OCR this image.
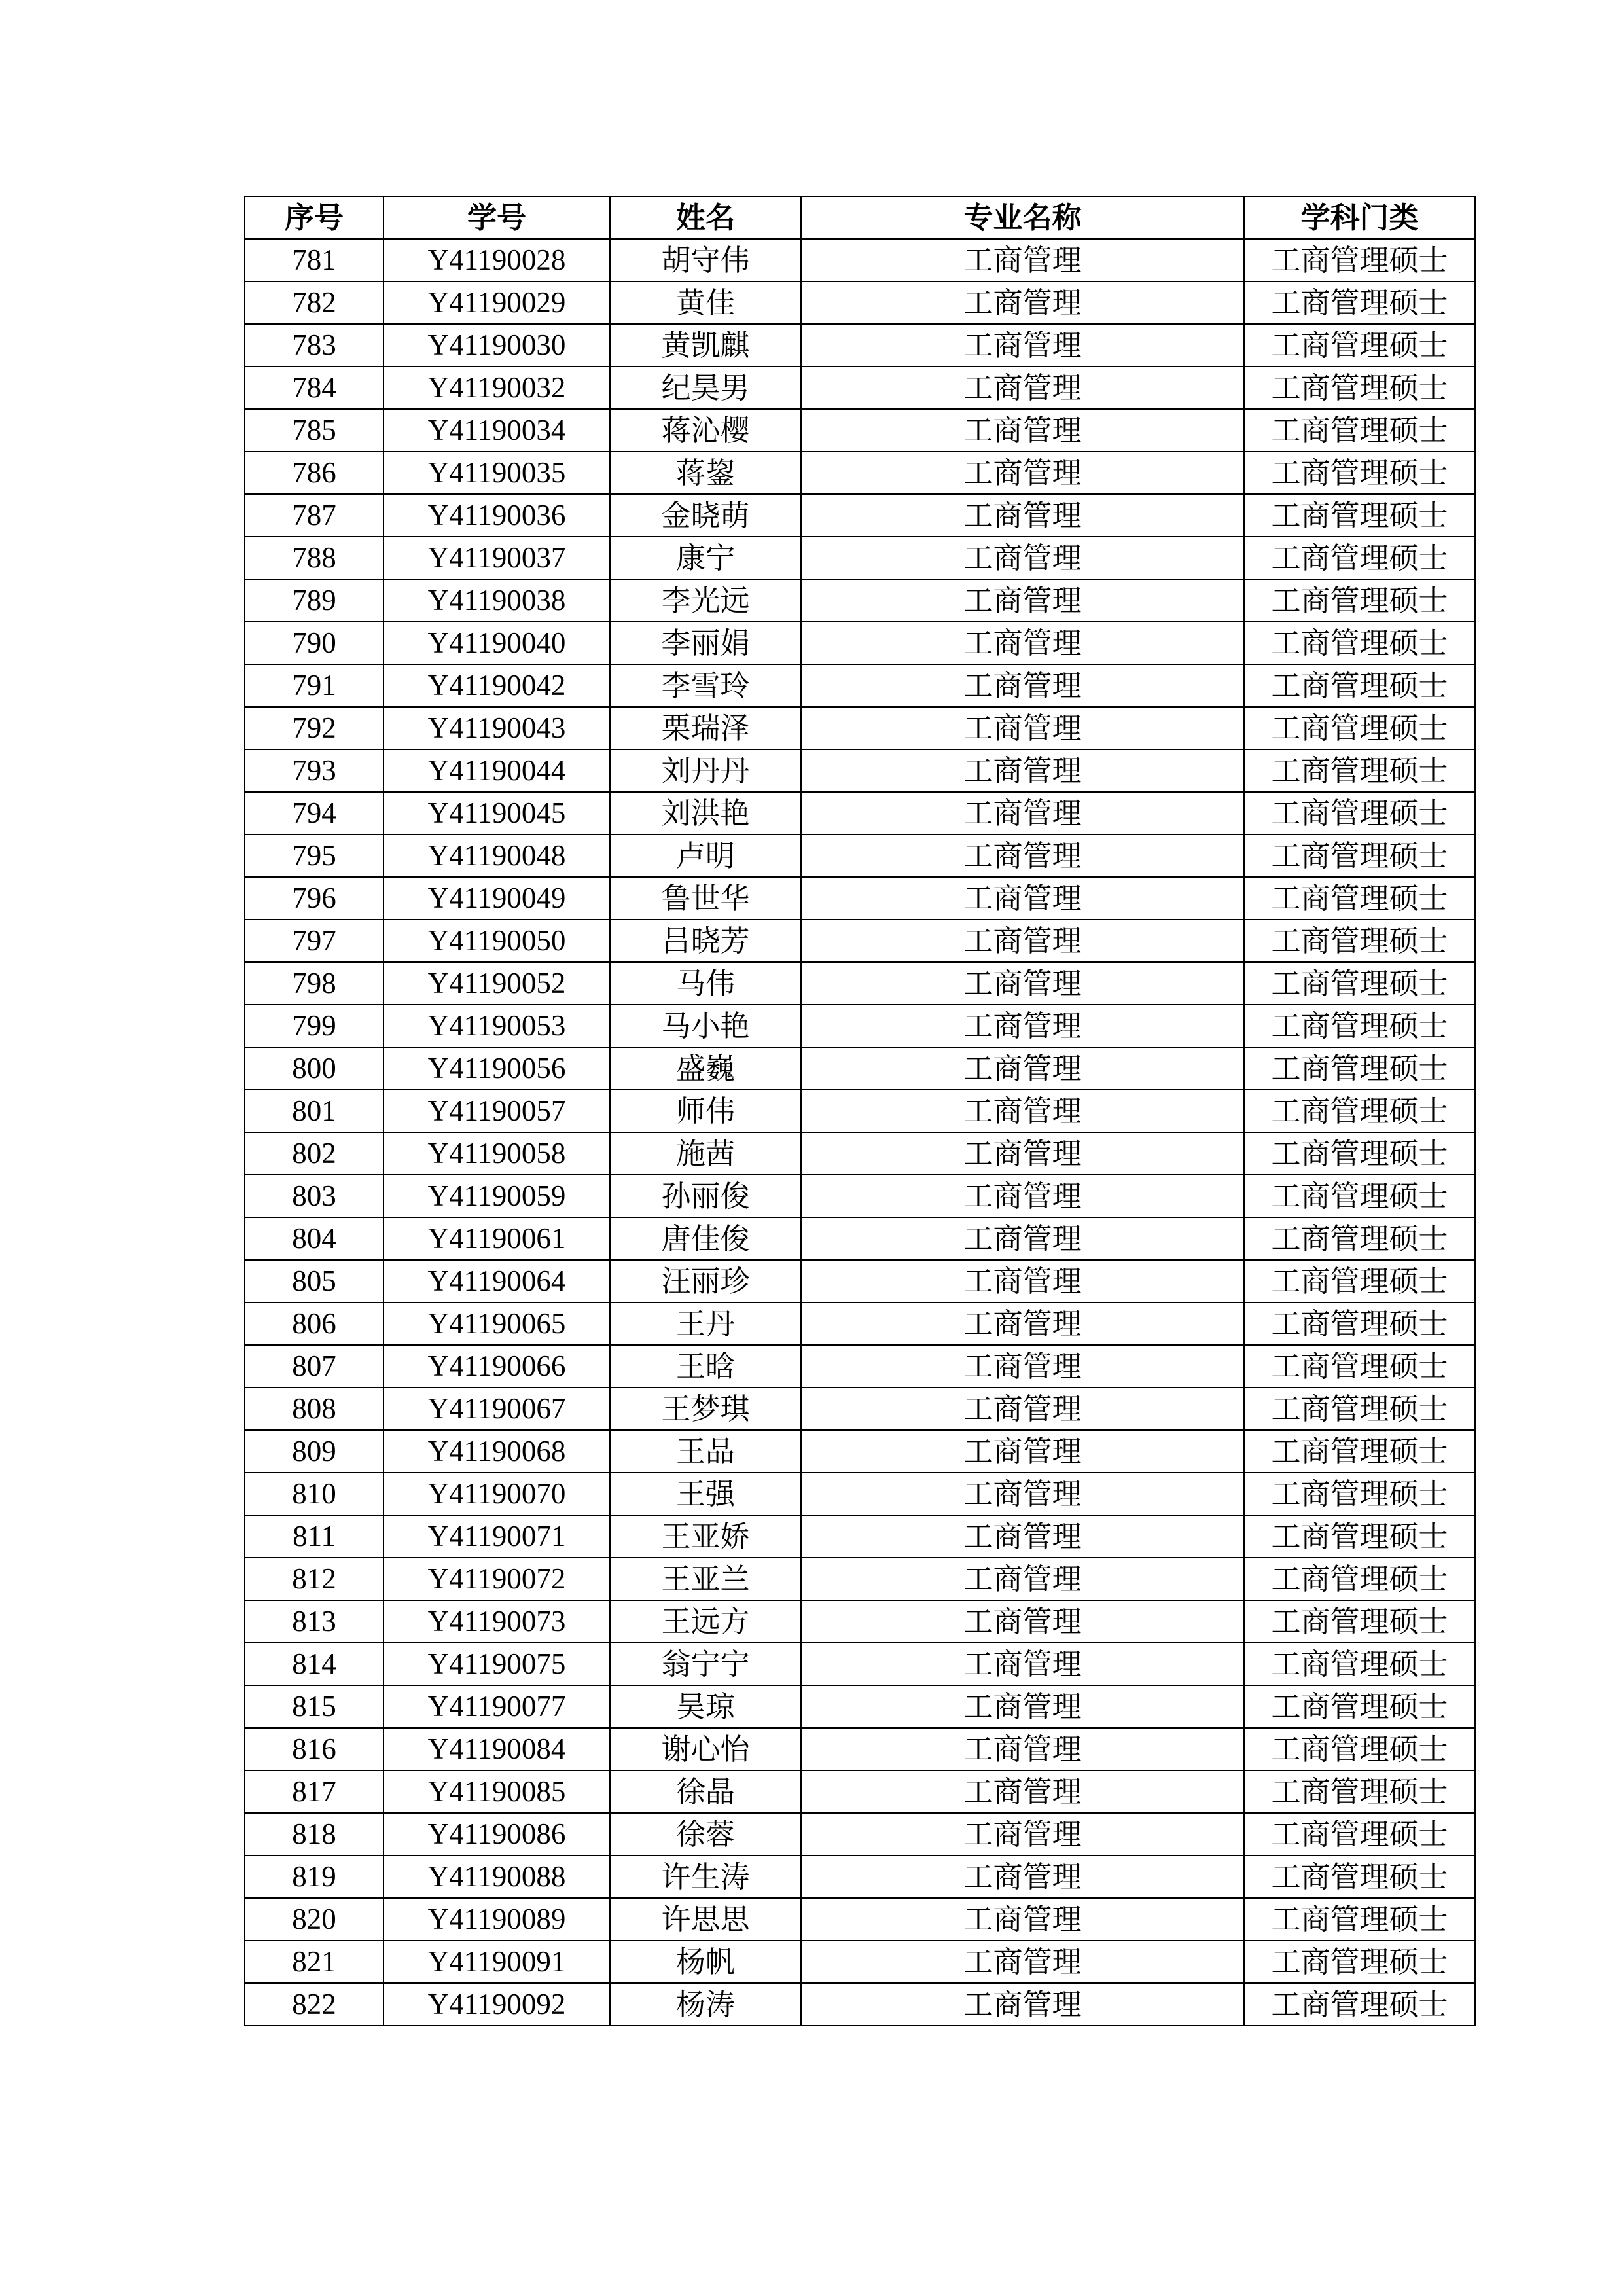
序号	学号	姓名	专业名称	学科门类
781	Y41190028	胡守伟	工商管理	工商管理硕士
782	Y41190029	黄佳	工商管理	工商管理硕士
783	Y41190030	黄凯麒	工商管理	工商管理硕士
784	Y41190032	纪昊男	工商管理	工商管理硕士
785	Y41190034	蒋沁樱	工商管理	工商管理硕士
786	Y41190035	蒋鋆	工商管理	工商管理硕士
787	Y41190036	金晓萌	工商管理	工商管理硕士
788	Y41190037	康宁	工商管理	工商管理硕士
789	Y41190038	李光远	工商管理	工商管理硕士
790	Y41190040	李丽娟	工商管理	工商管理硕士
791	Y41190042	李雪玲	工商管理	工商管理硕士
792	Y41190043	栗瑞泽	工商管理	工商管理硕士
793	Y41190044	刘丹丹	工商管理	工商管理硕士
794	Y41190045	刘洪艳	工商管理	工商管理硕士
795	Y41190048	卢明	工商管理	工商管理硕士
796	Y41190049	鲁世华	工商管理	工商管理硕士
797	Y41190050	吕晓芳	工商管理	工商管理硕士
798	Y41190052	马伟	工商管理	工商管理硕士
799	Y41190053	马小艳	工商管理	工商管理硕士
800	Y41190056	盛巍	工商管理	工商管理硕士
801	Y41190057	师伟	工商管理	工商管理硕士
802	Y41190058	施茜	工商管理	工商管理硕士
803	Y41190059	孙丽俊	工商管理	工商管理硕士
804	Y41190061	唐佳俊	工商管理	工商管理硕士
805	Y41190064	汪丽珍	工商管理	工商管理硕士
806	Y41190065	王丹	工商管理	工商管理硕士
807	Y41190066	王晗	工商管理	工商管理硕士
808	Y41190067	王梦琪	工商管理	工商管理硕士
809	Y41190068	王品	工商管理	工商管理硕士
810	Y41190070	王强	工商管理	工商管理硕士
811	Y41190071	王亚娇	工商管理	工商管理硕士
812	Y41190072	王亚兰	工商管理	工商管理硕士
813	Y41190073	王远方	工商管理	工商管理硕士
814	Y41190075	翁宁宁	工商管理	工商管理硕士
815	Y41190077	吴琼	工商管理	工商管理硕士
816	Y41190084	谢心怡	工商管理	工商管理硕士
817	Y41190085	徐晶	工商管理	工商管理硕士
818	Y41190086	徐蓉	工商管理	工商管理硕士
819	Y41190088	许生涛	工商管理	工商管理硕士
820	Y41190089	许思思	工商管理	工商管理硕士
821	Y41190091	杨帆	工商管理	工商管理硕士
822	Y41190092	杨涛	工商管理	工商管理硕士
